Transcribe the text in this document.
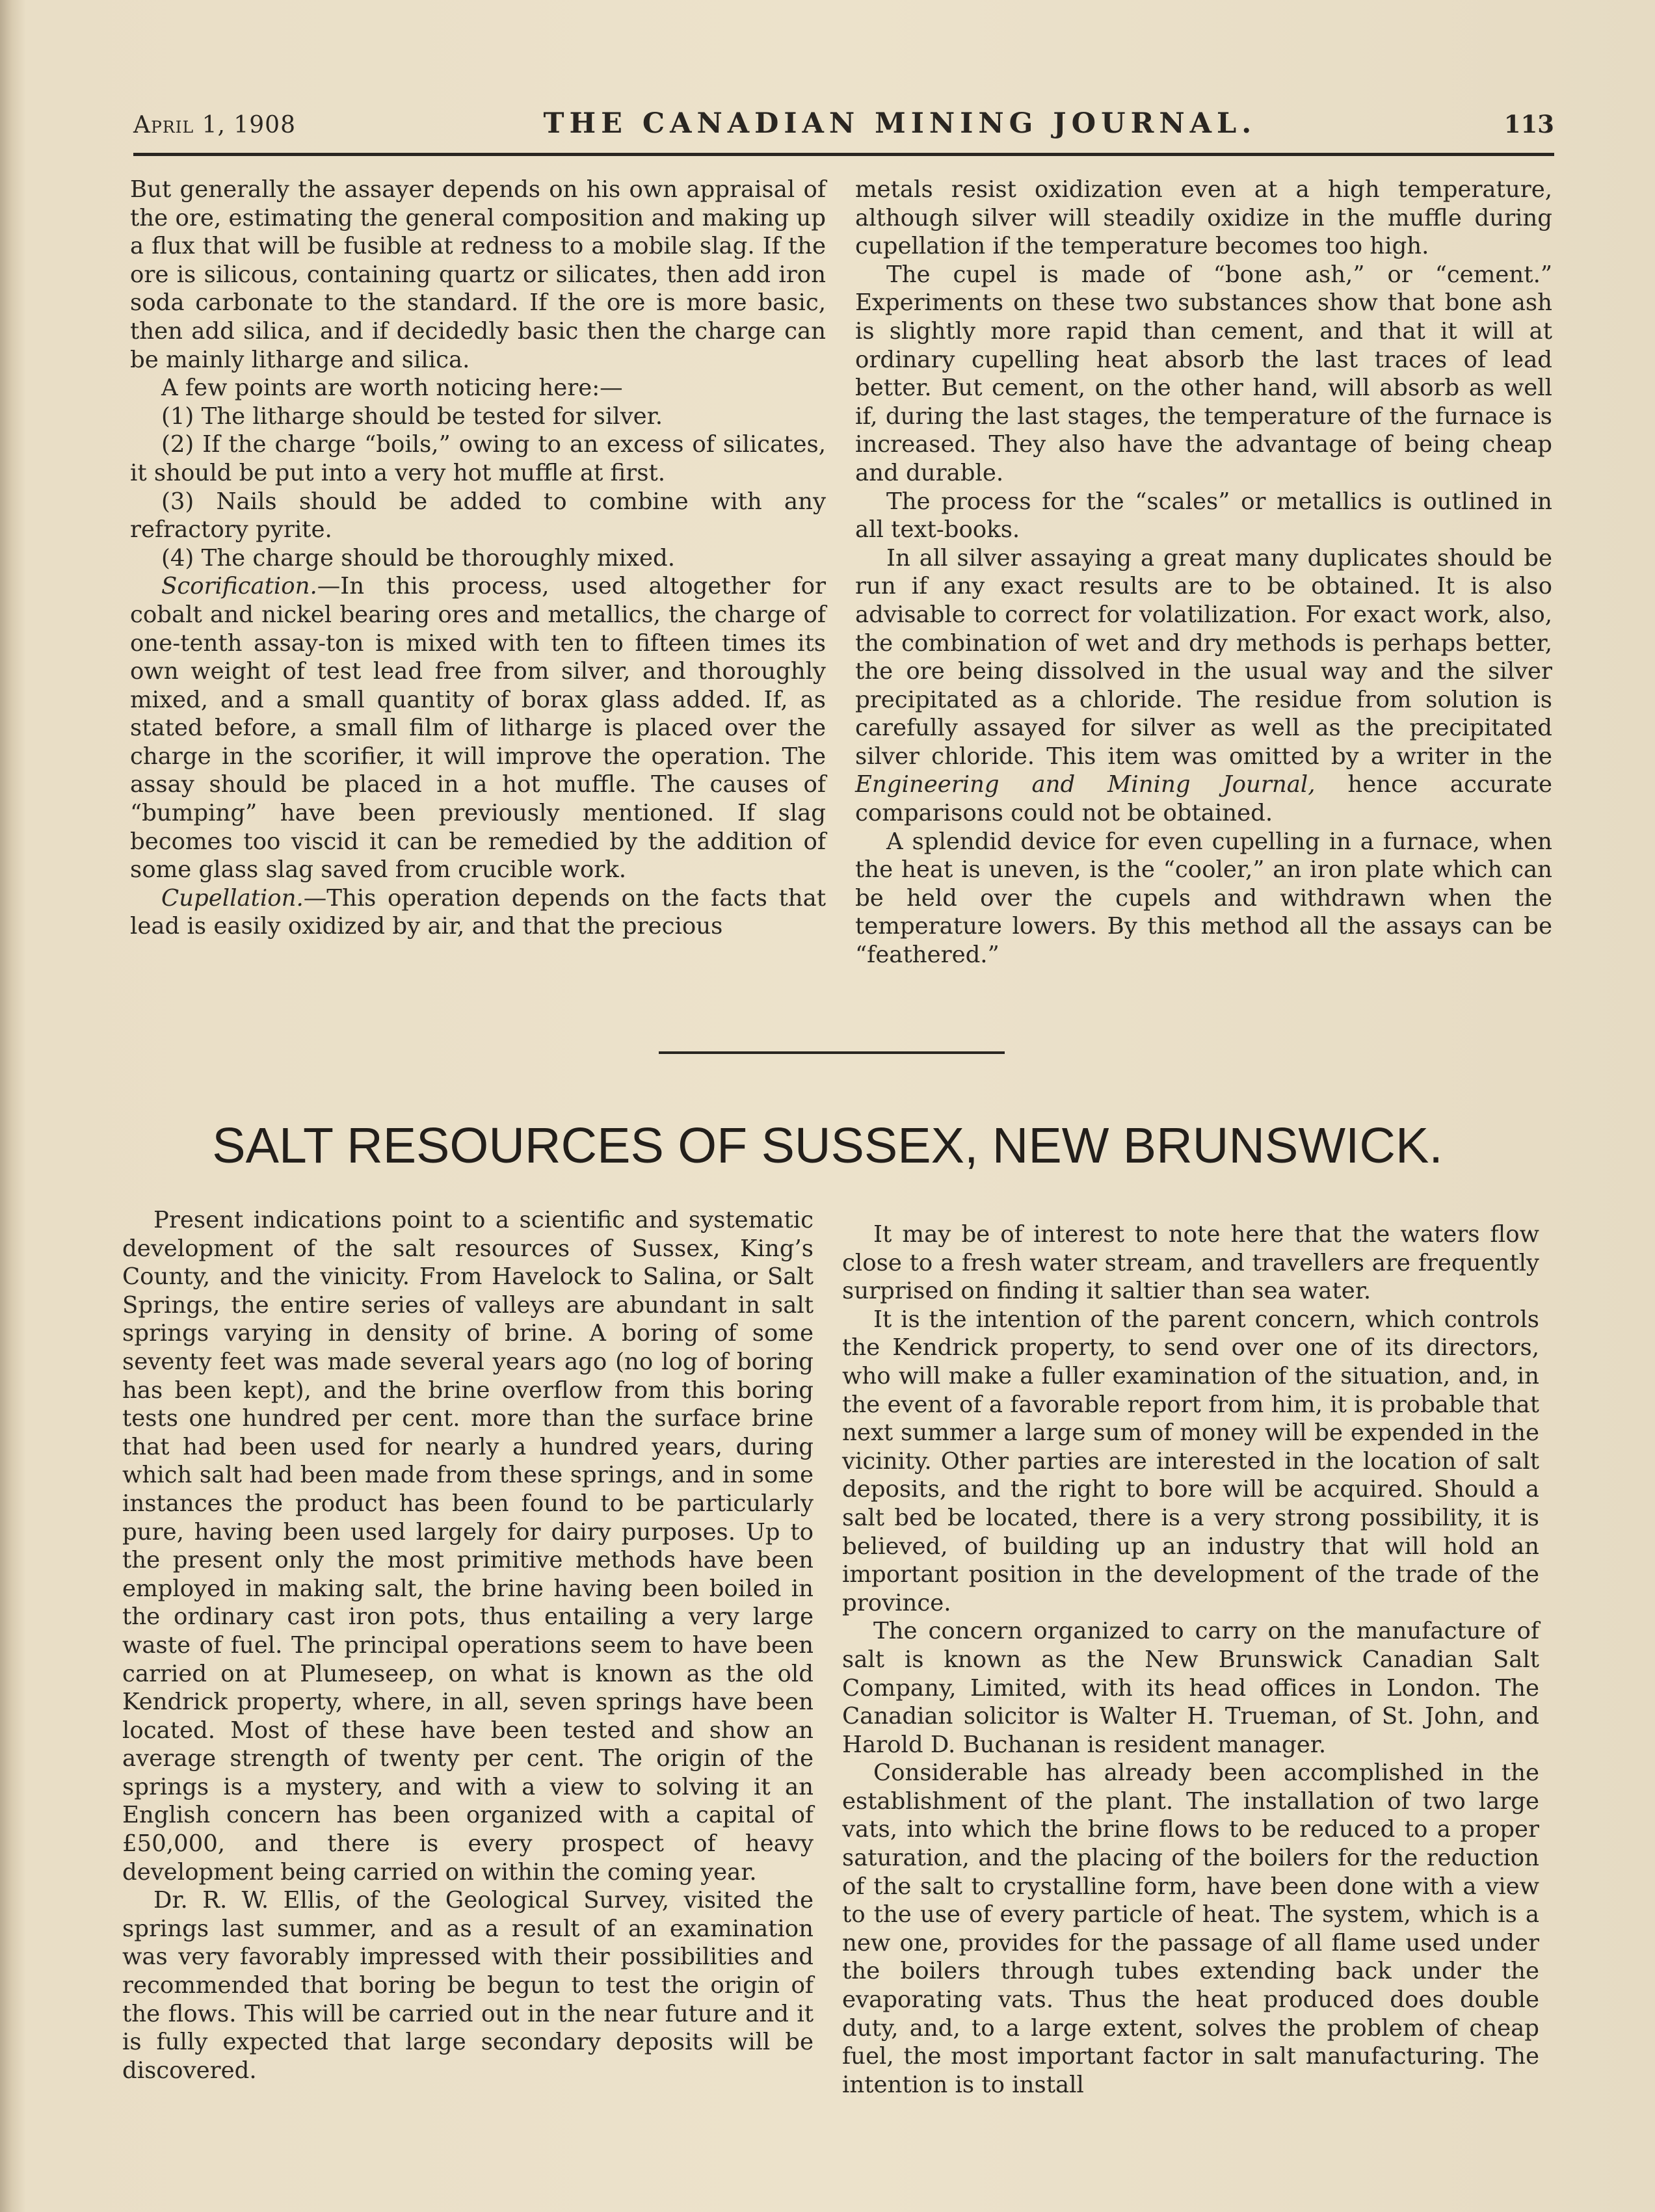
April 1, 1908	THE CANADIAN MINING JOURNAL.	113

But generally the assayer depends on his own appraisal of the ore, estimating the general composition and making up a flux that will be fusible at redness to a mobile slag. If the ore is silicous, containing quartz or silicates, then add iron soda carbonate to the standard. If the ore is more basic, then add silica, and if decidedly basic then the charge can be mainly litharge and silica.

A few points are worth noticing here:—

(1) The litharge should be tested for silver.

(2) If the charge “boils,” owing to an excess of silicates, it should be put into a very hot muffle at first.

(3) Nails should be added to combine with any refractory pyrite.

(4) The charge should be thoroughly mixed.

Scorification.—In this process, used altogether for cobalt and nickel bearing ores and metallics, the charge of one-tenth assay-ton is mixed with ten to fifteen times its own weight of test lead free from silver, and thoroughly mixed, and a small quantity of borax glass added. If, as stated before, a small film of litharge is placed over the charge in the scorifier, it will improve the operation. The assay should be placed in a hot muffle. The causes of “bumping” have been previously mentioned. If slag becomes too viscid it can be remedied by the addition of some glass slag saved from crucible work.

Cupellation.—This operation depends on the facts that lead is easily oxidized by air, and that the precious

metals resist oxidization even at a high temperature, although silver will steadily oxidize in the muffle during cupellation if the temperature becomes too high.

The cupel is made of “bone ash,” or “cement.” Experiments on these two substances show that bone ash is slightly more rapid than cement, and that it will at ordinary cupelling heat absorb the last traces of lead better. But cement, on the other hand, will absorb as well if, during the last stages, the temperature of the furnace is increased. They also have the advantage of being cheap and durable.

The process for the “scales” or metallics is outlined in all text-books.

In all silver assaying a great many duplicates should be run if any exact results are to be obtained. It is also advisable to correct for volatilization. For exact work, also, the combination of wet and dry methods is perhaps better, the ore being dissolved in the usual way and the silver precipitated as a chloride. The residue from solution is carefully assayed for silver as well as the precipitated silver chloride. This item was omitted by a writer in the Engineering and Mining Journal, hence accurate comparisons could not be obtained.

A splendid device for even cupelling in a furnace, when the heat is uneven, is the “cooler,” an iron plate which can be held over the cupels and withdrawn when the temperature lowers. By this method all the assays can be “feathered.”

SALT RESOURCES OF SUSSEX, NEW BRUNSWICK.

Present indications point to a scientific and systematic development of the salt resources of Sussex, King’s County, and the vinicity. From Havelock to Salina, or Salt Springs, the entire series of valleys are abundant in salt springs varying in density of brine. A boring of some seventy feet was made several years ago (no log of boring has been kept), and the brine overflow from this boring tests one hundred per cent. more than the surface brine that had been used for nearly a hundred years, during which salt had been made from these springs, and in some instances the product has been found to be particularly pure, having been used largely for dairy purposes. Up to the present only the most primitive methods have been employed in making salt, the brine having been boiled in the ordinary cast iron pots, thus entailing a very large waste of fuel. The principal operations seem to have been carried on at Plumeseep, on what is known as the old Kendrick property, where, in all, seven springs have been located. Most of these have been tested and show an average strength of twenty per cent. The origin of the springs is a mystery, and with a view to solving it an English concern has been organized with a capital of £50,000, and there is every prospect of heavy development being carried on within the coming year.

Dr. R. W. Ellis, of the Geological Survey, visited the springs last summer, and as a result of an examination was very favorably impressed with their possibilities and recommended that boring be begun to test the origin of the flows. This will be carried out in the near future and it is fully expected that large secondary deposits will be discovered.

It may be of interest to note here that the waters flow close to a fresh water stream, and travellers are frequently surprised on finding it saltier than sea water.

It is the intention of the parent concern, which controls the Kendrick property, to send over one of its directors, who will make a fuller examination of the situation, and, in the event of a favorable report from him, it is probable that next summer a large sum of money will be expended in the vicinity. Other parties are interested in the location of salt deposits, and the right to bore will be acquired. Should a salt bed be located, there is a very strong possibility, it is believed, of building up an industry that will hold an important position in the development of the trade of the province.

The concern organized to carry on the manufacture of salt is known as the New Brunswick Canadian Salt Company, Limited, with its head offices in London. The Canadian solicitor is Walter H. Trueman, of St. John, and Harold D. Buchanan is resident manager.

Considerable has already been accomplished in the establishment of the plant. The installation of two large vats, into which the brine flows to be reduced to a proper saturation, and the placing of the boilers for the reduction of the salt to crystalline form, have been done with a view to the use of every particle of heat. The system, which is a new one, provides for the passage of all flame used under the boilers through tubes extending back under the evaporating vats. Thus the heat produced does double duty, and, to a large extent, solves the problem of cheap fuel, the most important factor in salt manufacturing. The intention is to install
